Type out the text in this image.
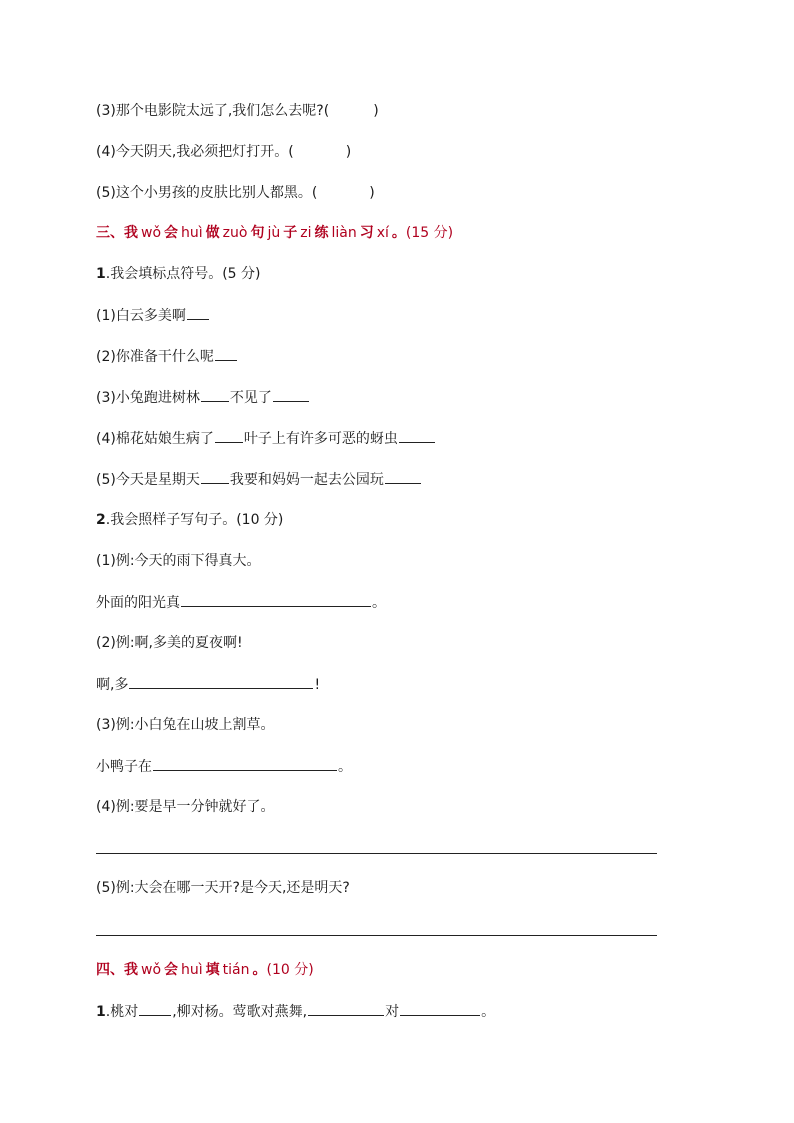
(3)那个电影院太远了,我们怎么去呢?(	)
(4)今天阴天,我必须把灯打开。(	)
(5)这个小男孩的皮肤比别人都黑。(	)
三、我 wǒ 会 huì 做 zuò 句 jù 子 zi 练 liàn 习 xí 。(15 分)
1.我会填标点符号。(5 分)
(1)白云多美啊
(2)你准备干什么呢
(3)小兔跑进树林 不见了
(4)棉花姑娘生病了 叶子上有许多可恶的蚜虫
(5)今天是星期天 我要和妈妈一起去公园玩
2.我会照样子写句子。(10 分)
(1)例:今天的雨下得真大。
外面的阳光真	。
(2)例:啊,多美的夏夜啊!
啊,多	!
(3)例:小白兔在山坡上割草。
小鸭子在	。
(4)例:要是早一分钟就好了。
(5)例:大会在哪一天开?是今天,还是明天?
四、我 wǒ 会 huì 填 tián 。(10 分)
1.桃对 ,柳对杨。莺歌对燕舞,	对	。
